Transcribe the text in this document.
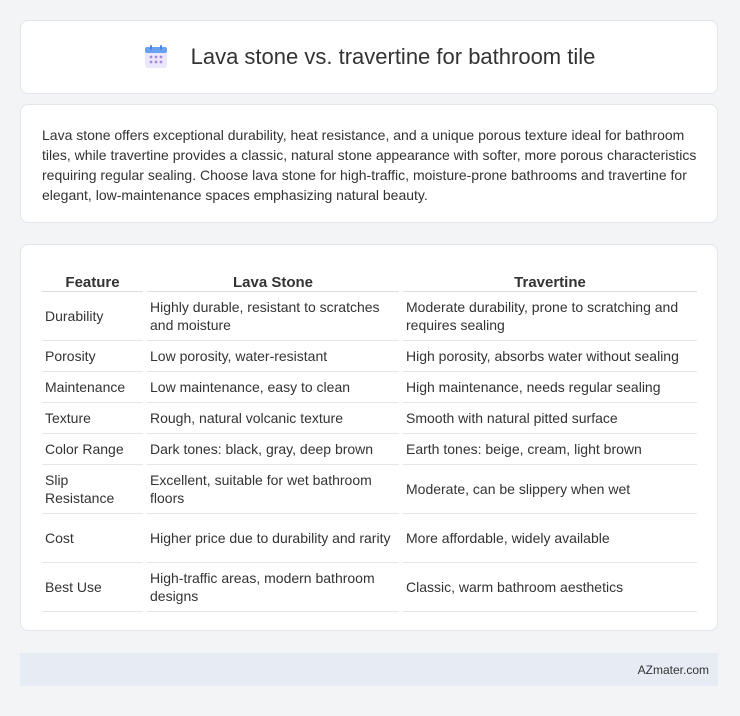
Lava stone vs. travertine for bathroom tile

Lava stone offers exceptional durability, heat resistance, and a unique porous texture ideal for bathroom tiles, while travertine provides a classic, natural stone appearance with softer, more porous characteristics requiring regular sealing. Choose lava stone for high-traffic, moisture-prone bathrooms and travertine for elegant, low-maintenance spaces emphasizing natural beauty.

Feature	Lava Stone	Travertine
Durability	Highly durable, resistant to scratches and moisture	Moderate durability, prone to scratching and requires sealing
Porosity	Low porosity, water-resistant	High porosity, absorbs water without sealing
Maintenance	Low maintenance, easy to clean	High maintenance, needs regular sealing
Texture	Rough, natural volcanic texture	Smooth with natural pitted surface
Color Range	Dark tones: black, gray, deep brown	Earth tones: beige, cream, light brown
Slip Resistance	Excellent, suitable for wet bathroom floors	Moderate, can be slippery when wet
Cost	Higher price due to durability and rarity	More affordable, widely available
Best Use	High-traffic areas, modern bathroom designs	Classic, warm bathroom aesthetics
AZmater.com
